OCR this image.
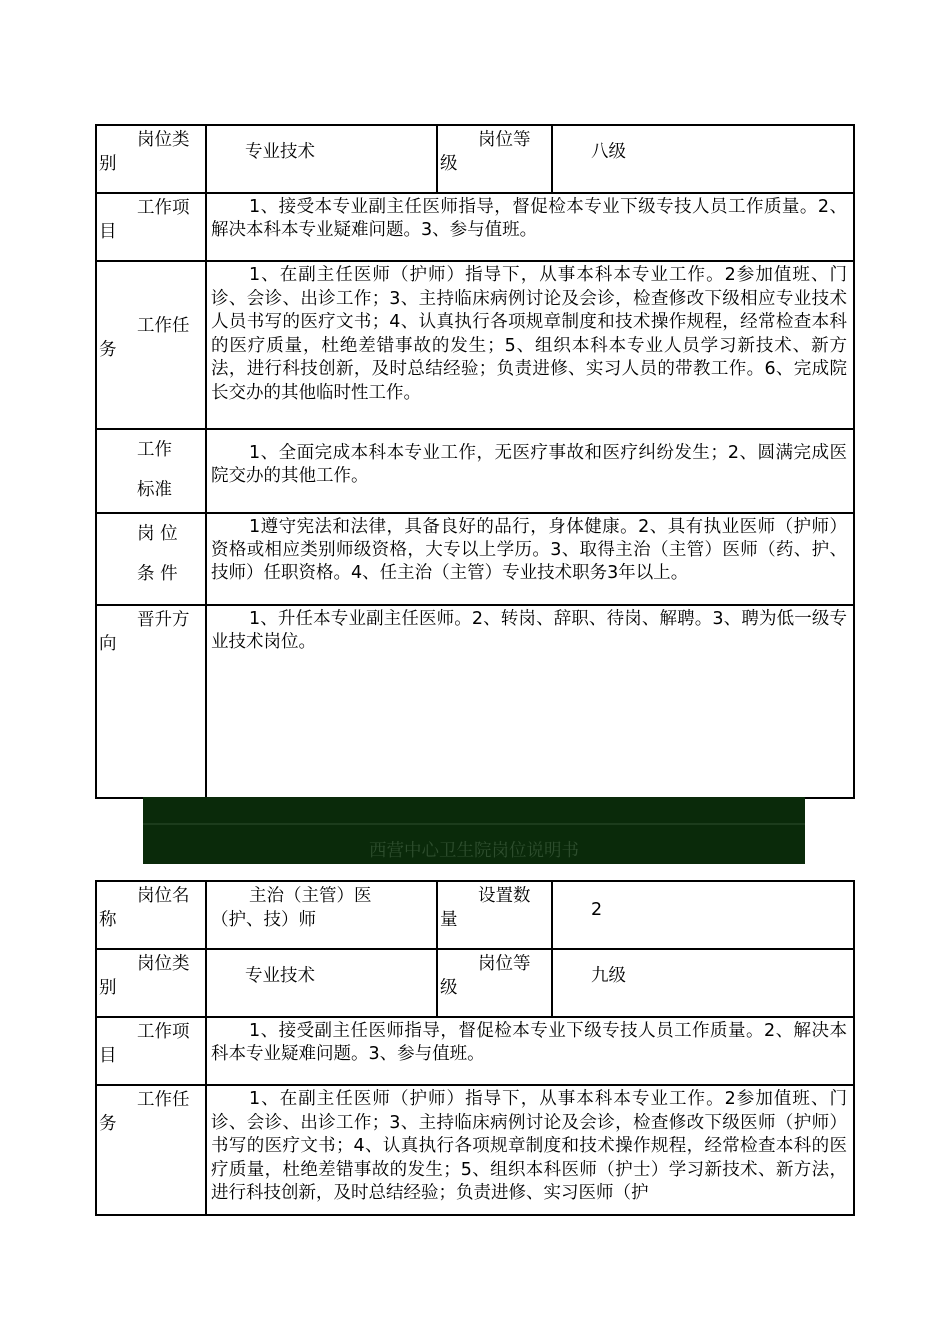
岗位类
别
专业技术
岗位等
级
八级
工作项
目
1、接受本专业副主任医师指导，督促检本专业下级专技人员工作质量。2、解决本科本专业疑难问题。3、参与值班。
工作任
务
1、在副主任医师（护师）指导下，从事本科本专业工作。2参加值班、门诊、会诊、出诊工作；3、主持临床病例讨论及会诊，检查修改下级相应专业技术人员书写的医疗文书；4、认真执行各项规章制度和技术操作规程，经常检查本科的医疗质量，杜绝差错事故的发生；5、组织本科本专业人员学习新技术、新方法，进行科技创新，及时总结经验；负责进修、实习人员的带教工作。6、完成院长交办的其他临时性工作。
工作
标准
1、全面完成本科本专业工作，无医疗事故和医疗纠纷发生；2、圆满完成医院交办的其他工作。
岗 位
条 件
1遵守宪法和法律，具备良好的品行，身体健康。2、具有执业医师（护师）资格或相应类别师级资格，大专以上学历。3、取得主治（主管）医师（药、护、技师）任职资格。4、任主治（主管）专业技术职务3年以上。
晋升方
向
1、升任本专业副主任医师。2、转岗、辞职、待岗、解聘。3、聘为低一级专业技术岗位。
西营中心卫生院岗位说明书
岗位名
称
主治（主管）医
（护、技）师
设置数
量	2
岗位类
别
专业技术
岗位等
级
九级
工作项
目
1、接受副主任医师指导，督促检本专业下级专技人员工作质量。2、解决本科本专业疑难问题。3、参与值班。
工作任
务
1、在副主任医师（护师）指导下，从事本科本专业工作。2参加值班、门诊、会诊、出诊工作；3、主持临床病例讨论及会诊，检查修改下级医师（护师）书写的医疗文书；4、认真执行各项规章制度和技术操作规程，经常检查本科的医疗质量，杜绝差错事故的发生；5、组织本科医师（护士）学习新技术、新方法，进行科技创新，及时总结经验；负责进修、实习医师（护
